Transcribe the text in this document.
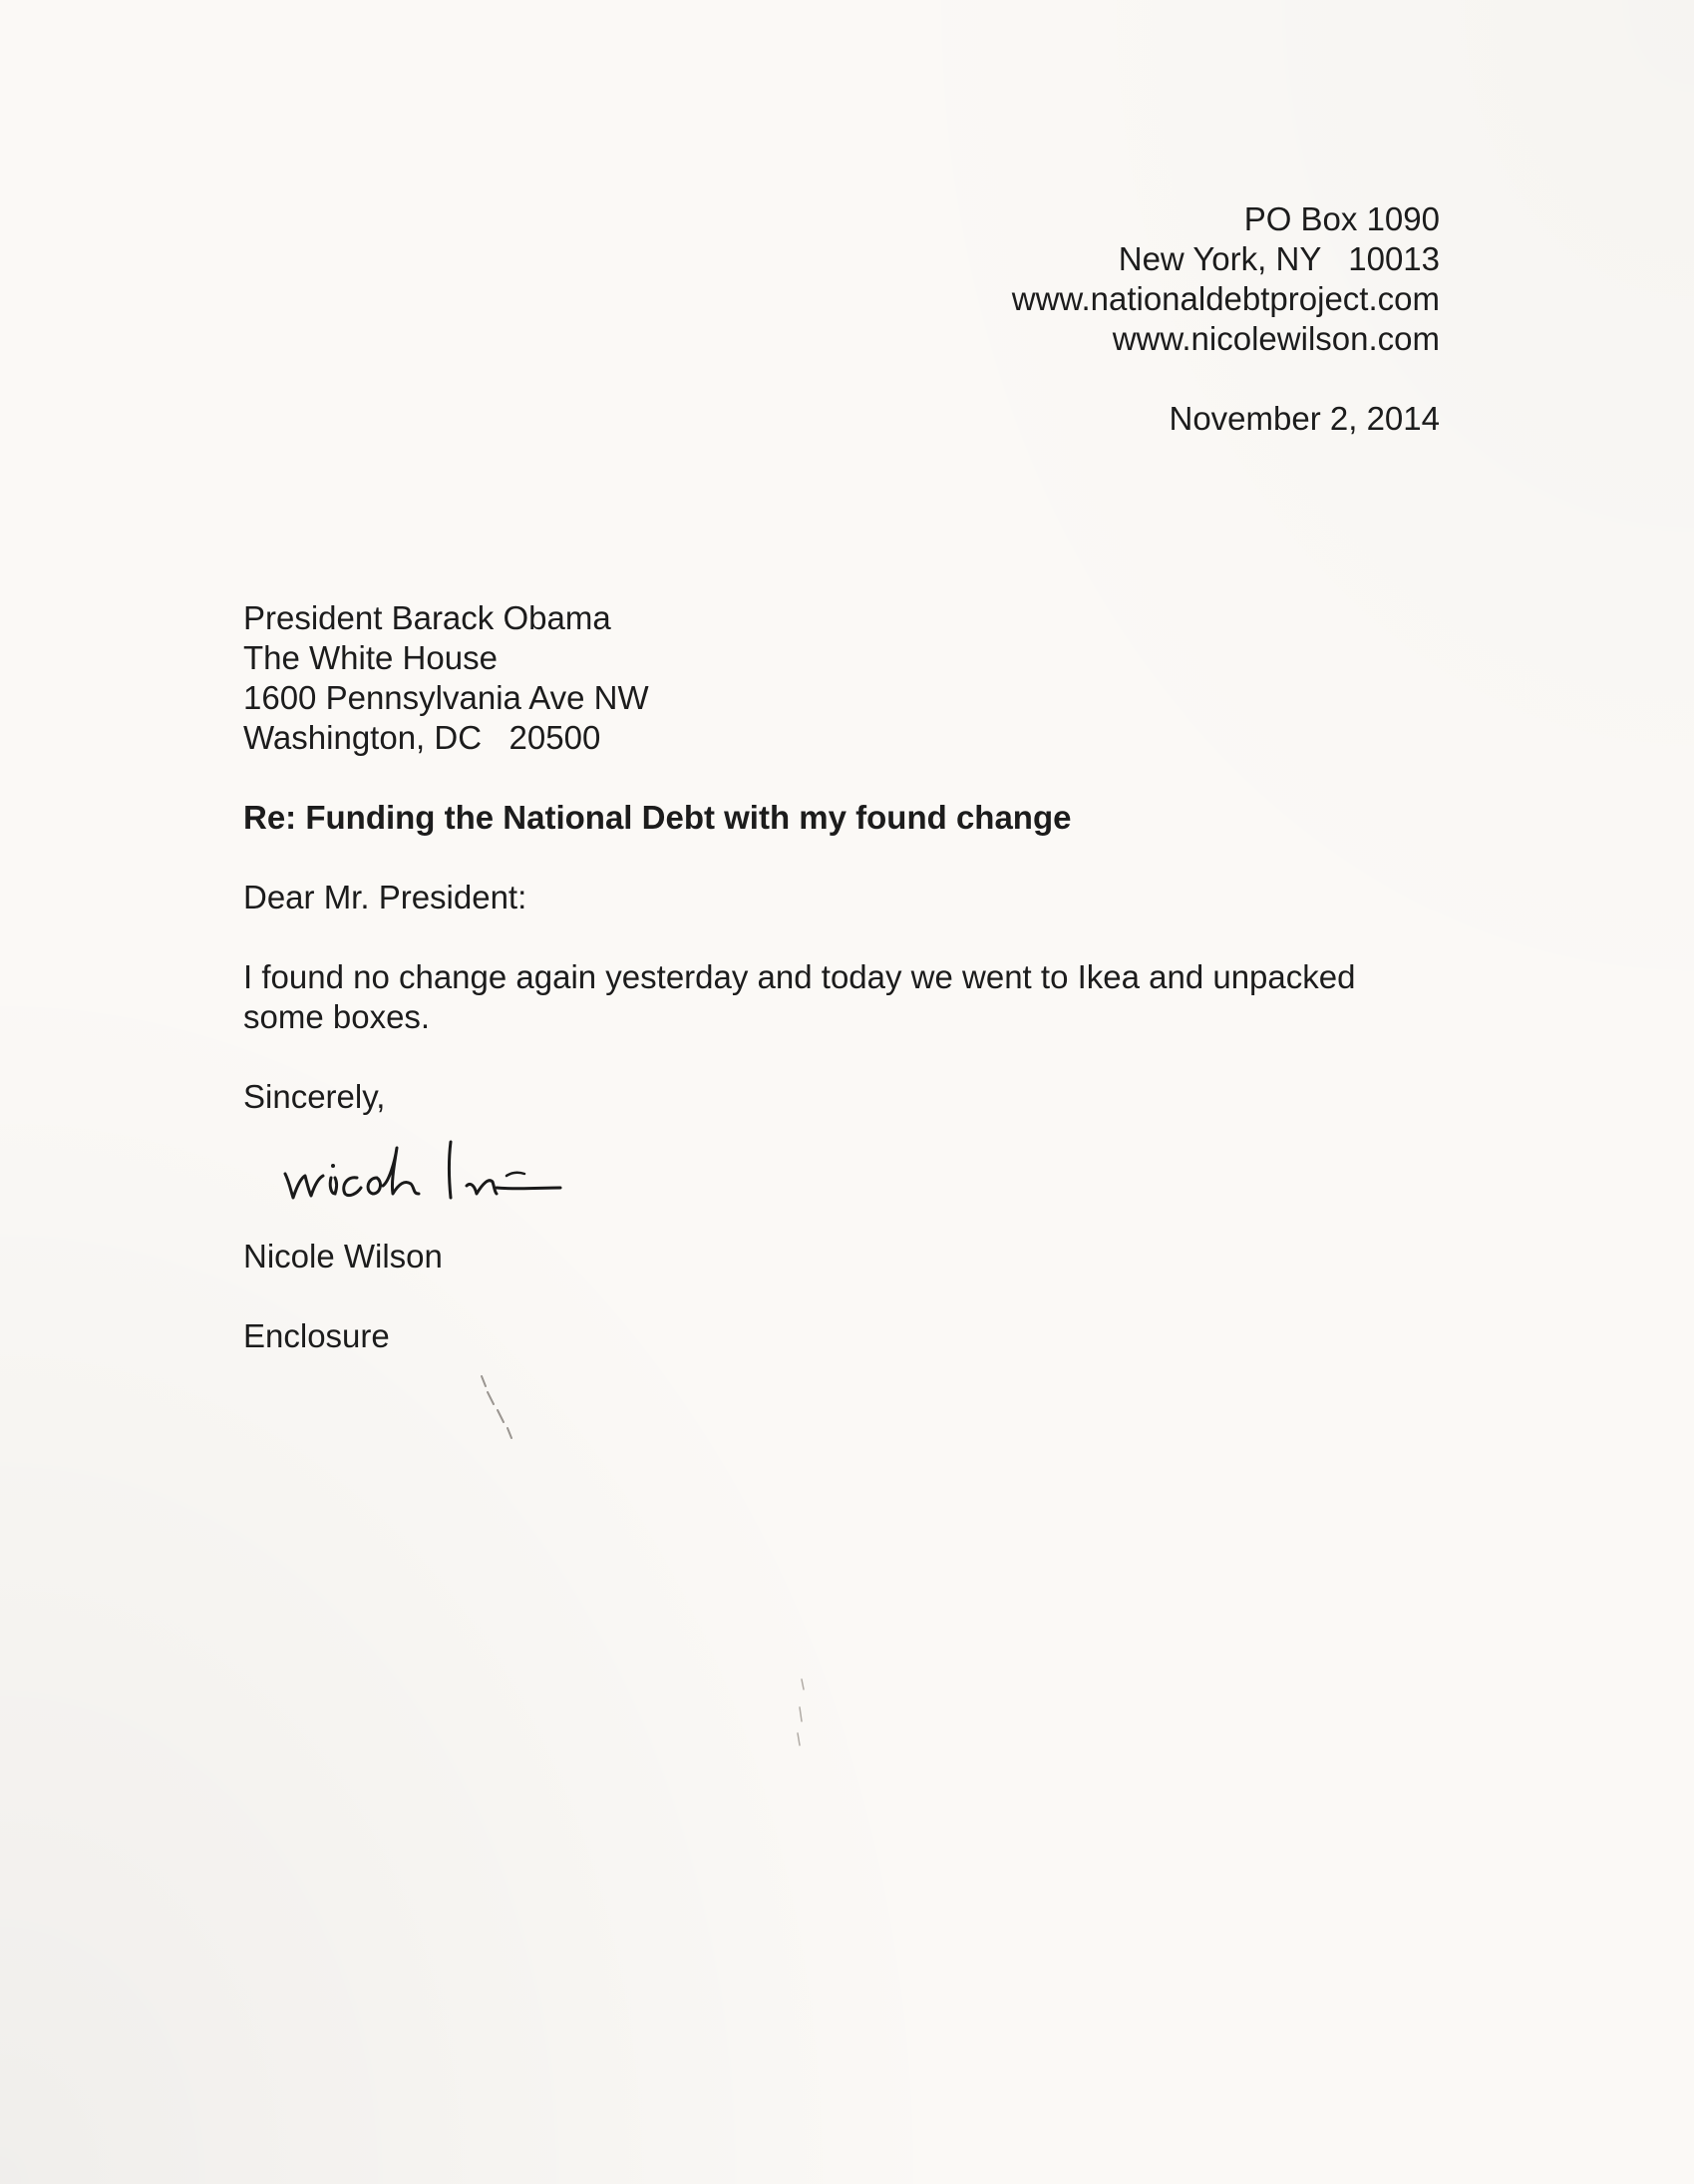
PO Box 1090
New York, NY   10013
www.nationaldebtproject.com
www.nicolewilson.com
November 2, 2014
President Barack Obama
The White House
1600 Pennsylvania Ave NW
Washington, DC   20500
Re: Funding the National Debt with my found change
Dear Mr. President:
I found no change again yesterday and today we went to Ikea and unpacked some boxes.
Sincerely,
Nicole Wilson
Enclosure
